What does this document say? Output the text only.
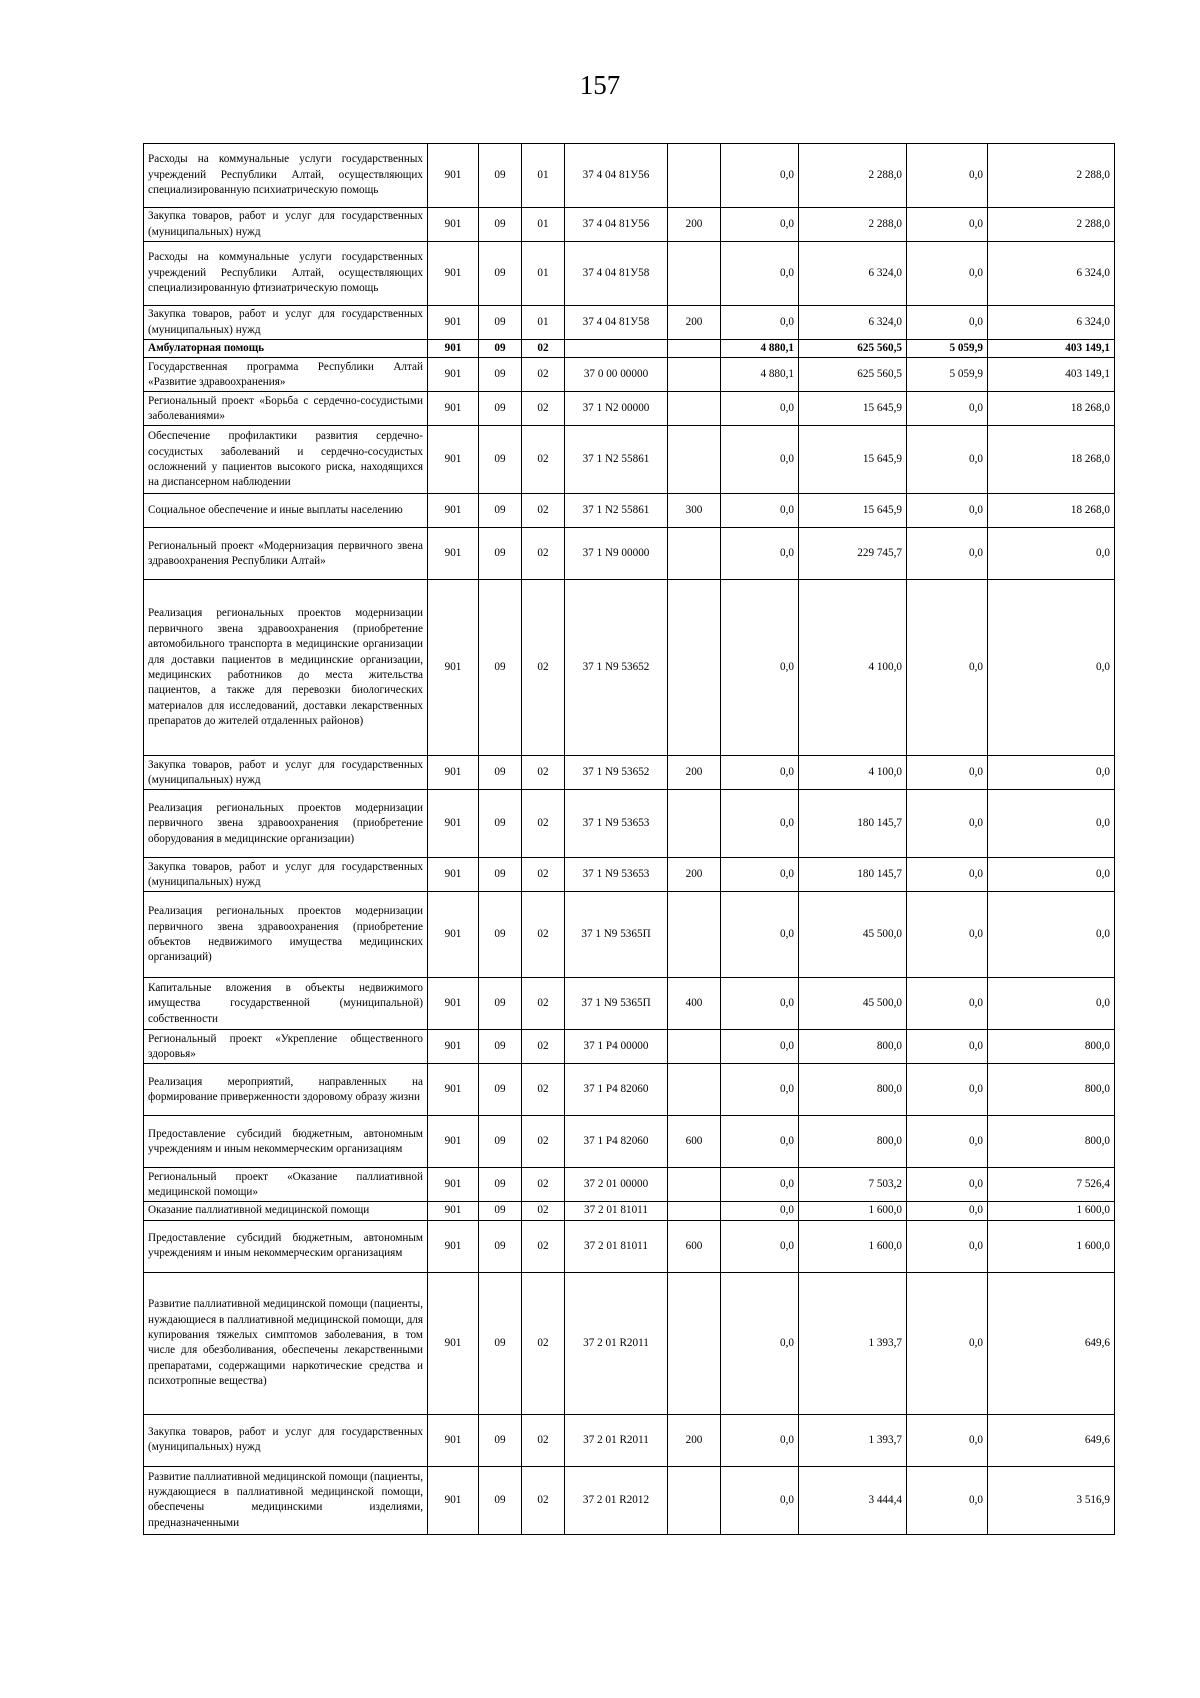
157
Расходы на коммунальные услуги государственных учреждений Республики Алтай, осуществляющих специализированную психиатрическую помощь	901	09	01	37 4 04 81У56		0,0	2 288,0	0,0	2 288,0
Закупка товаров, работ и услуг для государственных (муниципальных) нужд	901	09	01	37 4 04 81У56	200	0,0	2 288,0	0,0	2 288,0
Расходы на коммунальные услуги государственных учреждений Республики Алтай, осуществляющих специализированную фтизиатрическую помощь	901	09	01	37 4 04 81У58		0,0	6 324,0	0,0	6 324,0
Закупка товаров, работ и услуг для государственных (муниципальных) нужд	901	09	01	37 4 04 81У58	200	0,0	6 324,0	0,0	6 324,0
Амбулаторная помощь	901	09	02			4 880,1	625 560,5	5 059,9	403 149,1
Государственная программа Республики Алтай «Развитие здравоохранения»	901	09	02	37 0 00 00000		4 880,1	625 560,5	5 059,9	403 149,1
Региональный проект «Борьба с сердечно-сосудистыми заболеваниями»	901	09	02	37 1 N2 00000		0,0	15 645,9	0,0	18 268,0
Обеспечение профилактики развития сердечно-сосудистых заболеваний и сердечно-сосудистых осложнений у пациентов высокого риска, находящихся на диспансерном наблюдении	901	09	02	37 1 N2 55861		0,0	15 645,9	0,0	18 268,0
Социальное обеспечение и иные выплаты населению	901	09	02	37 1 N2 55861	300	0,0	15 645,9	0,0	18 268,0
Региональный проект «Модернизация первичного звена здравоохранения Республики Алтай»	901	09	02	37 1 N9 00000		0,0	229 745,7	0,0	0,0
Реализация региональных проектов модернизации первичного звена здравоохранения (приобретение автомобильного транспорта в медицинские организации для доставки пациентов в медицинские организации, медицинских работников до места жительства пациентов, а также для перевозки биологических материалов для исследований, доставки лекарственных препаратов до жителей отдаленных районов)	901	09	02	37 1 N9 53652		0,0	4 100,0	0,0	0,0
Закупка товаров, работ и услуг для государственных (муниципальных) нужд	901	09	02	37 1 N9 53652	200	0,0	4 100,0	0,0	0,0
Реализация региональных проектов модернизации первичного звена здравоохранения (приобретение оборудования в медицинские организации)	901	09	02	37 1 N9 53653		0,0	180 145,7	0,0	0,0
Закупка товаров, работ и услуг для государственных (муниципальных) нужд	901	09	02	37 1 N9 53653	200	0,0	180 145,7	0,0	0,0
Реализация региональных проектов модернизации первичного звена здравоохранения (приобретение объектов недвижимого имущества медицинских организаций)	901	09	02	37 1 N9 5365П		0,0	45 500,0	0,0	0,0
Капитальные вложения в объекты недвижимого имущества государственной (муниципальной) собственности	901	09	02	37 1 N9 5365П	400	0,0	45 500,0	0,0	0,0
Региональный проект «Укрепление общественного здоровья»	901	09	02	37 1 P4 00000		0,0	800,0	0,0	800,0
Реализация мероприятий, направленных на формирование приверженности здоровому образу жизни	901	09	02	37 1 P4 82060		0,0	800,0	0,0	800,0
Предоставление субсидий бюджетным, автономным учреждениям и иным некоммерческим организациям	901	09	02	37 1 P4 82060	600	0,0	800,0	0,0	800,0
Региональный проект «Оказание паллиативной медицинской помощи»	901	09	02	37 2 01 00000		0,0	7 503,2	0,0	7 526,4
Оказание паллиативной медицинской помощи	901	09	02	37 2 01 81011		0,0	1 600,0	0,0	1 600,0
Предоставление субсидий бюджетным, автономным учреждениям и иным некоммерческим организациям	901	09	02	37 2 01 81011	600	0,0	1 600,0	0,0	1 600,0
Развитие паллиативной медицинской помощи (пациенты, нуждающиеся в паллиативной медицинской помощи, для купирования тяжелых симптомов заболевания, в том числе для обезболивания, обеспечены лекарственными препаратами, содержащими наркотические средства и психотропные вещества)	901	09	02	37 2 01 R2011		0,0	1 393,7	0,0	649,6
Закупка товаров, работ и услуг для государственных (муниципальных) нужд	901	09	02	37 2 01 R2011	200	0,0	1 393,7	0,0	649,6
Развитие паллиативной медицинской помощи (пациенты, нуждающиеся в паллиативной медицинской помощи, обеспечены медицинскими изделиями, предназначенными	901	09	02	37 2 01 R2012		0,0	3 444,4	0,0	3 516,9
